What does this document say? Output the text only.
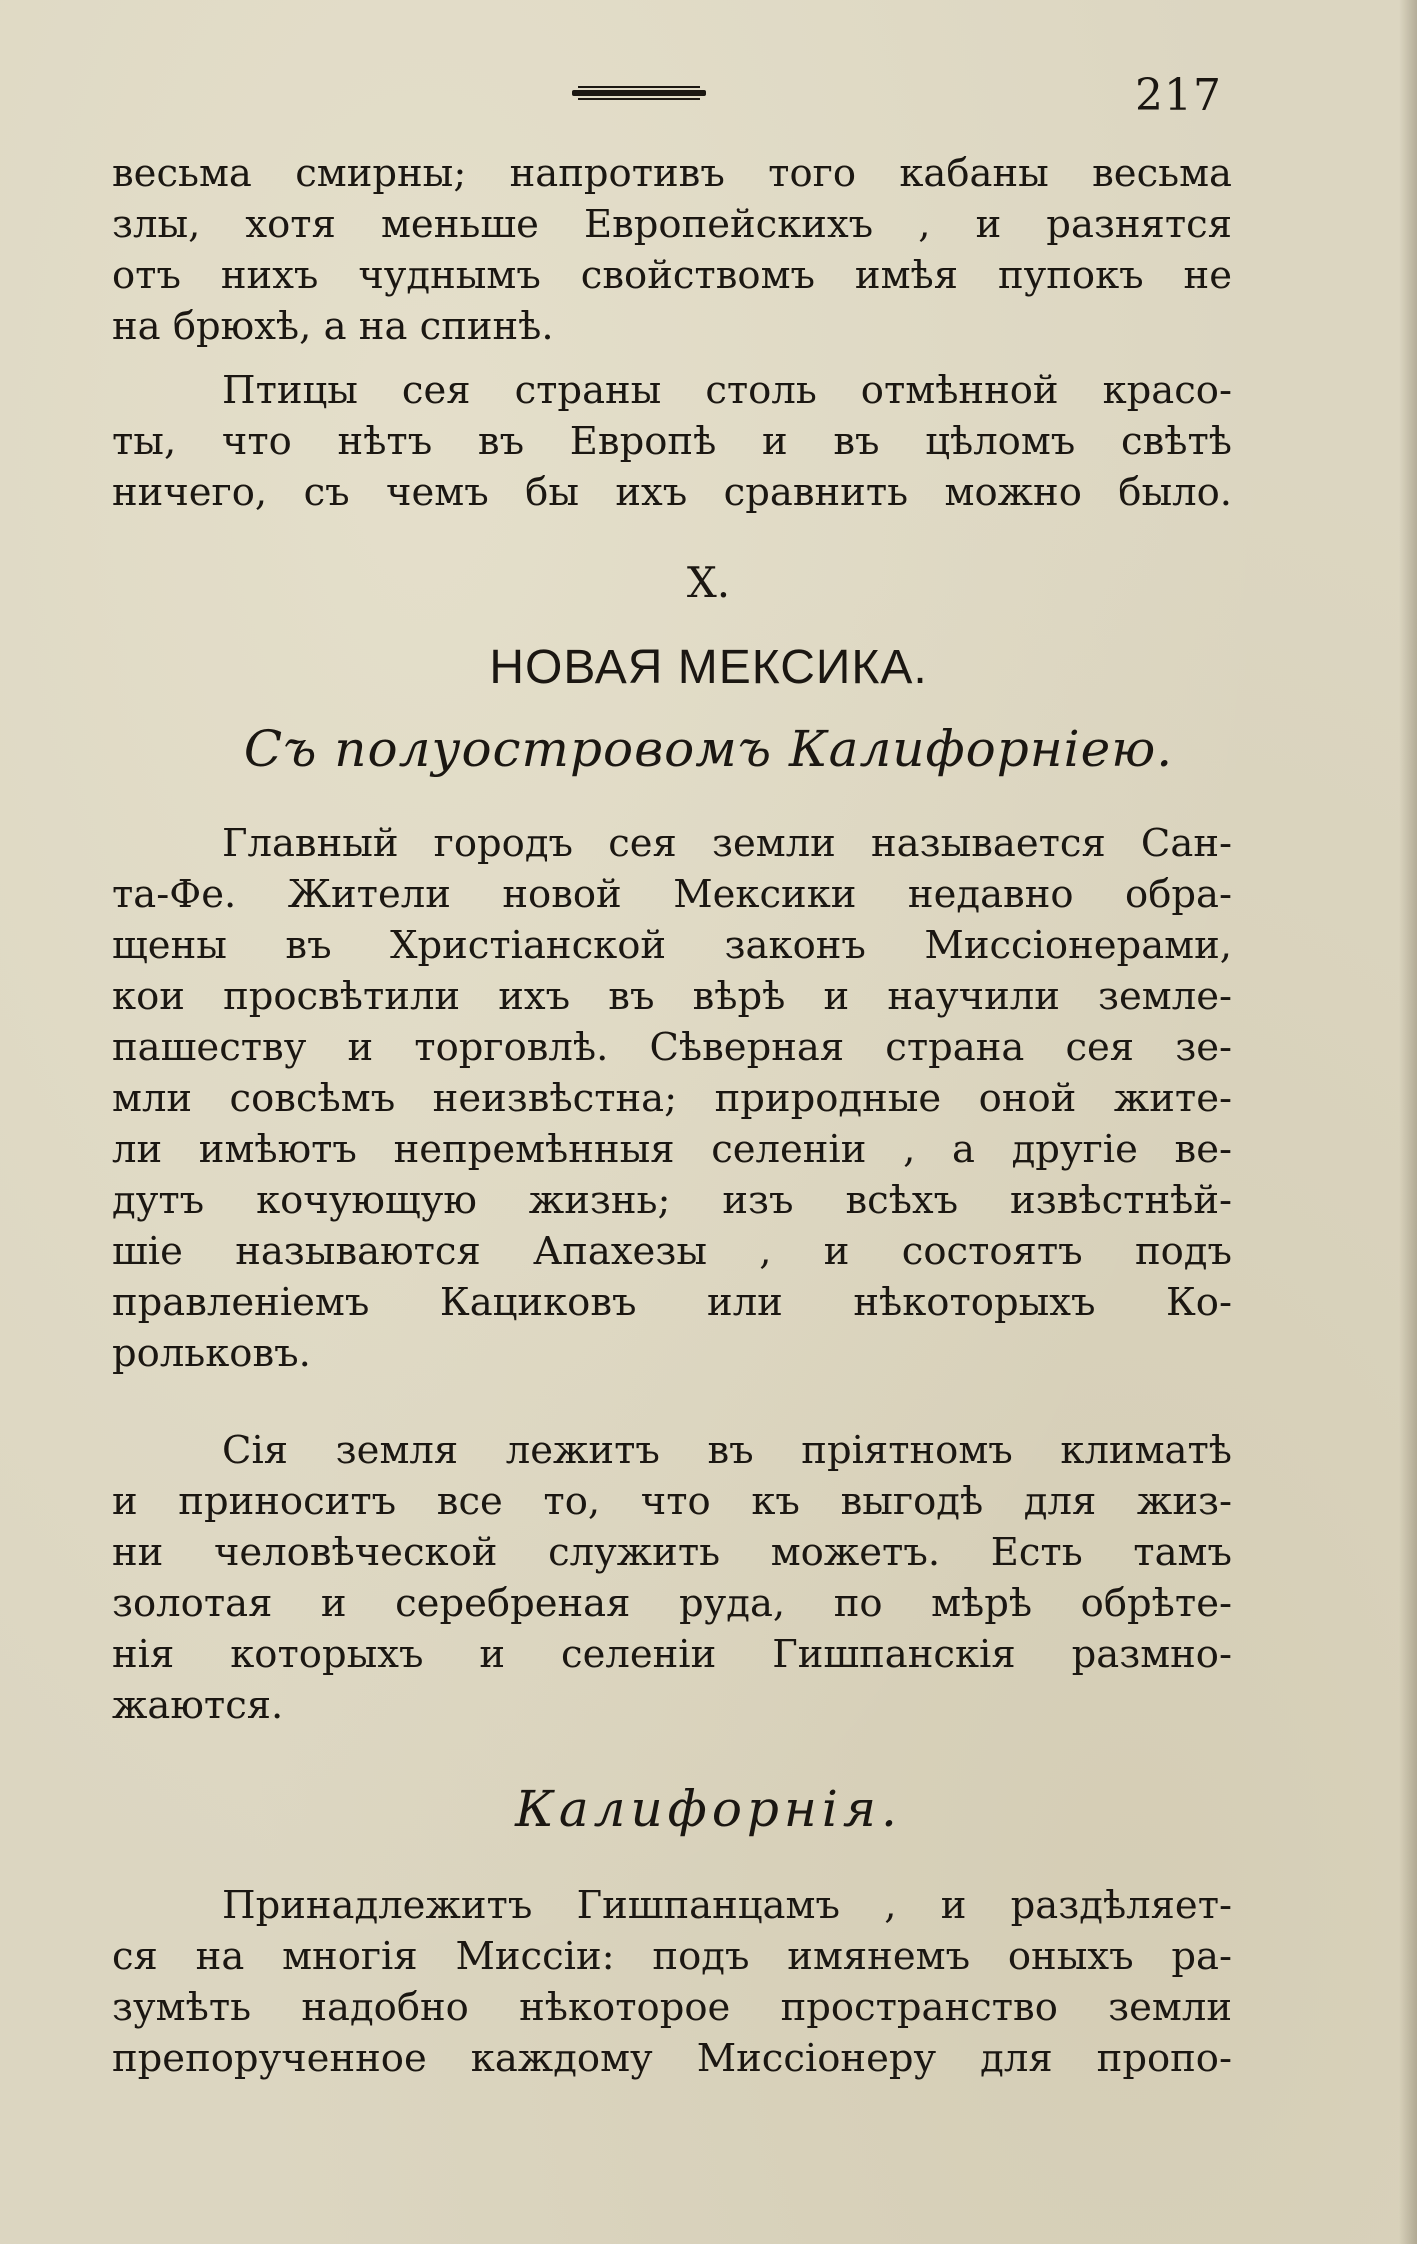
217
весьма смирны; напротивъ того кабаны весьма
злы, хотя меньше Европейскихъ , и разнятся
отъ нихъ чуднымъ свойствомъ имѣя пупокъ не
на брюхѣ, а на спинѣ.
Птицы сея страны столь отмѣнной красо-
ты, что нѣтъ въ Европѣ и въ цѣломъ свѣтѣ
ничего, съ чемъ бы ихъ сравнить можно было.
X.
НОВАЯ МЕКСИКА.
Съ полуостровомъ Калифорнiею.
Главный городъ сея земли называется Сан-
та-Фе. Жители новой Мексики недавно обра-
щены въ Христiанской законъ Миссiонерами,
кои просвѣтили ихъ въ вѣрѣ и научили земле-
пашеству и торговлѣ. Сѣверная страна сея зе-
мли совсѣмъ неизвѣстна; природные оной жите-
ли имѣютъ непремѣнныя селенiи , а другiе ве-
дутъ кочующую жизнь; изъ всѣхъ извѣстнѣй-
шiе называются Апахезы , и состоятъ подъ
правленiемъ Кациковъ или нѣкоторыхъ Ко-
рольковъ.
Сiя земля лежитъ въ прiятномъ климатѣ
и приноситъ все то, что къ выгодѣ для жиз-
ни человѣческой служить можетъ. Есть тамъ
золотая и серебреная руда, по мѣрѣ обрѣте-
нiя которыхъ и селенiи Гишпанскiя размно-
жаются.
Калифорнiя.
Принадлежитъ Гишпанцамъ , и раздѣляет-
ся на многiя Миссiи: подъ имянемъ оныхъ ра-
зумѣть надобно нѣкоторое пространство земли
препорученное каждому Миссiонеру для пропо-
